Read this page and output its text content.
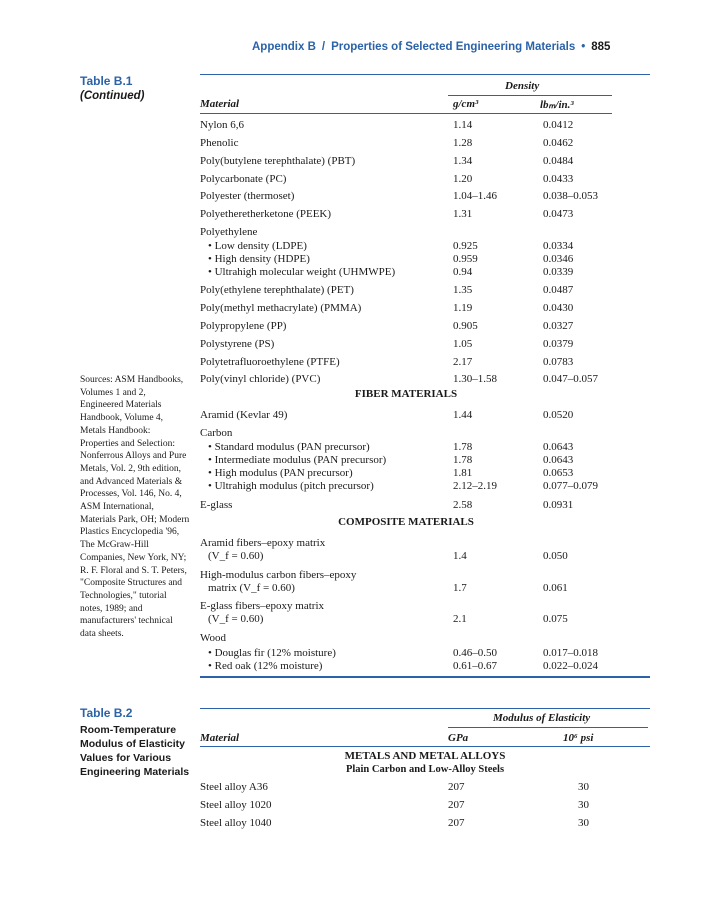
Appendix B / Properties of Selected Engineering Materials • 885
Table B.1
(Continued)
Density
Material	g/cm³	lbₘ/in.³
Nylon 6,6	1.14	0.0412
Phenolic	1.28	0.0462
Poly(butylene terephthalate) (PBT)	1.34	0.0484
Polycarbonate (PC)	1.20	0.0433
Polyester (thermoset)	1.04–1.46	0.038–0.053
Polyetheretherketone (PEEK)	1.31	0.0473
Polyethylene
• Low density (LDPE)	0.925	0.0334
• High density (HDPE)	0.959	0.0346
• Ultrahigh molecular weight (UHMWPE)	0.94	0.0339
Poly(ethylene terephthalate) (PET)	1.35	0.0487
Poly(methyl methacrylate) (PMMA)	1.19	0.0430
Polypropylene (PP)	0.905	0.0327
Polystyrene (PS)	1.05	0.0379
Polytetrafluoroethylene (PTFE)	2.17	0.0783
Poly(vinyl chloride) (PVC)	1.30–1.58	0.047–0.057
Aramid (Kevlar 49)	1.44	0.0520
Carbon
• Standard modulus (PAN precursor)	1.78	0.0643
• Intermediate modulus (PAN precursor)	1.78	0.0643
• High modulus (PAN precursor)	1.81	0.0653
• Ultrahigh modulus (pitch precursor)	2.12–2.19	0.077–0.079
E-glass	2.58	0.0931
Aramid fibers–epoxy matrix
(V_f = 0.60)	1.4	0.050
High-modulus carbon fibers–epoxy
matrix (V_f = 0.60)	1.7	0.061
E-glass fibers–epoxy matrix
(V_f = 0.60)	2.1	0.075
Wood
• Douglas fir (12% moisture)	0.46–0.50	0.017–0.018
• Red oak (12% moisture)	0.61–0.67	0.022–0.024
FIBER MATERIALS
COMPOSITE MATERIALS
Sources: ASM Handbooks, Volumes 1 and 2, Engineered Materials Handbook, Volume 4, Metals Handbook: Properties and Selection: Nonferrous Alloys and Pure Metals, Vol. 2, 9th edition, and Advanced Materials & Processes, Vol. 146, No. 4, ASM International, Materials Park, OH; Modern Plastics Encyclopedia '96, The McGraw-Hill Companies, New York, NY; R. F. Floral and S. T. Peters, "Composite Structures and Technologies," tutorial notes, 1989; and manufacturers' technical data sheets.
Table B.2
Room-Temperature Modulus of Elasticity Values for Various Engineering Materials
Modulus of Elasticity
Material	GPa	10⁶ psi
METALS AND METAL ALLOYS
Plain Carbon and Low-Alloy Steels
Steel alloy A36	207	30
Steel alloy 1020	207	30
Steel alloy 1040	207	30
